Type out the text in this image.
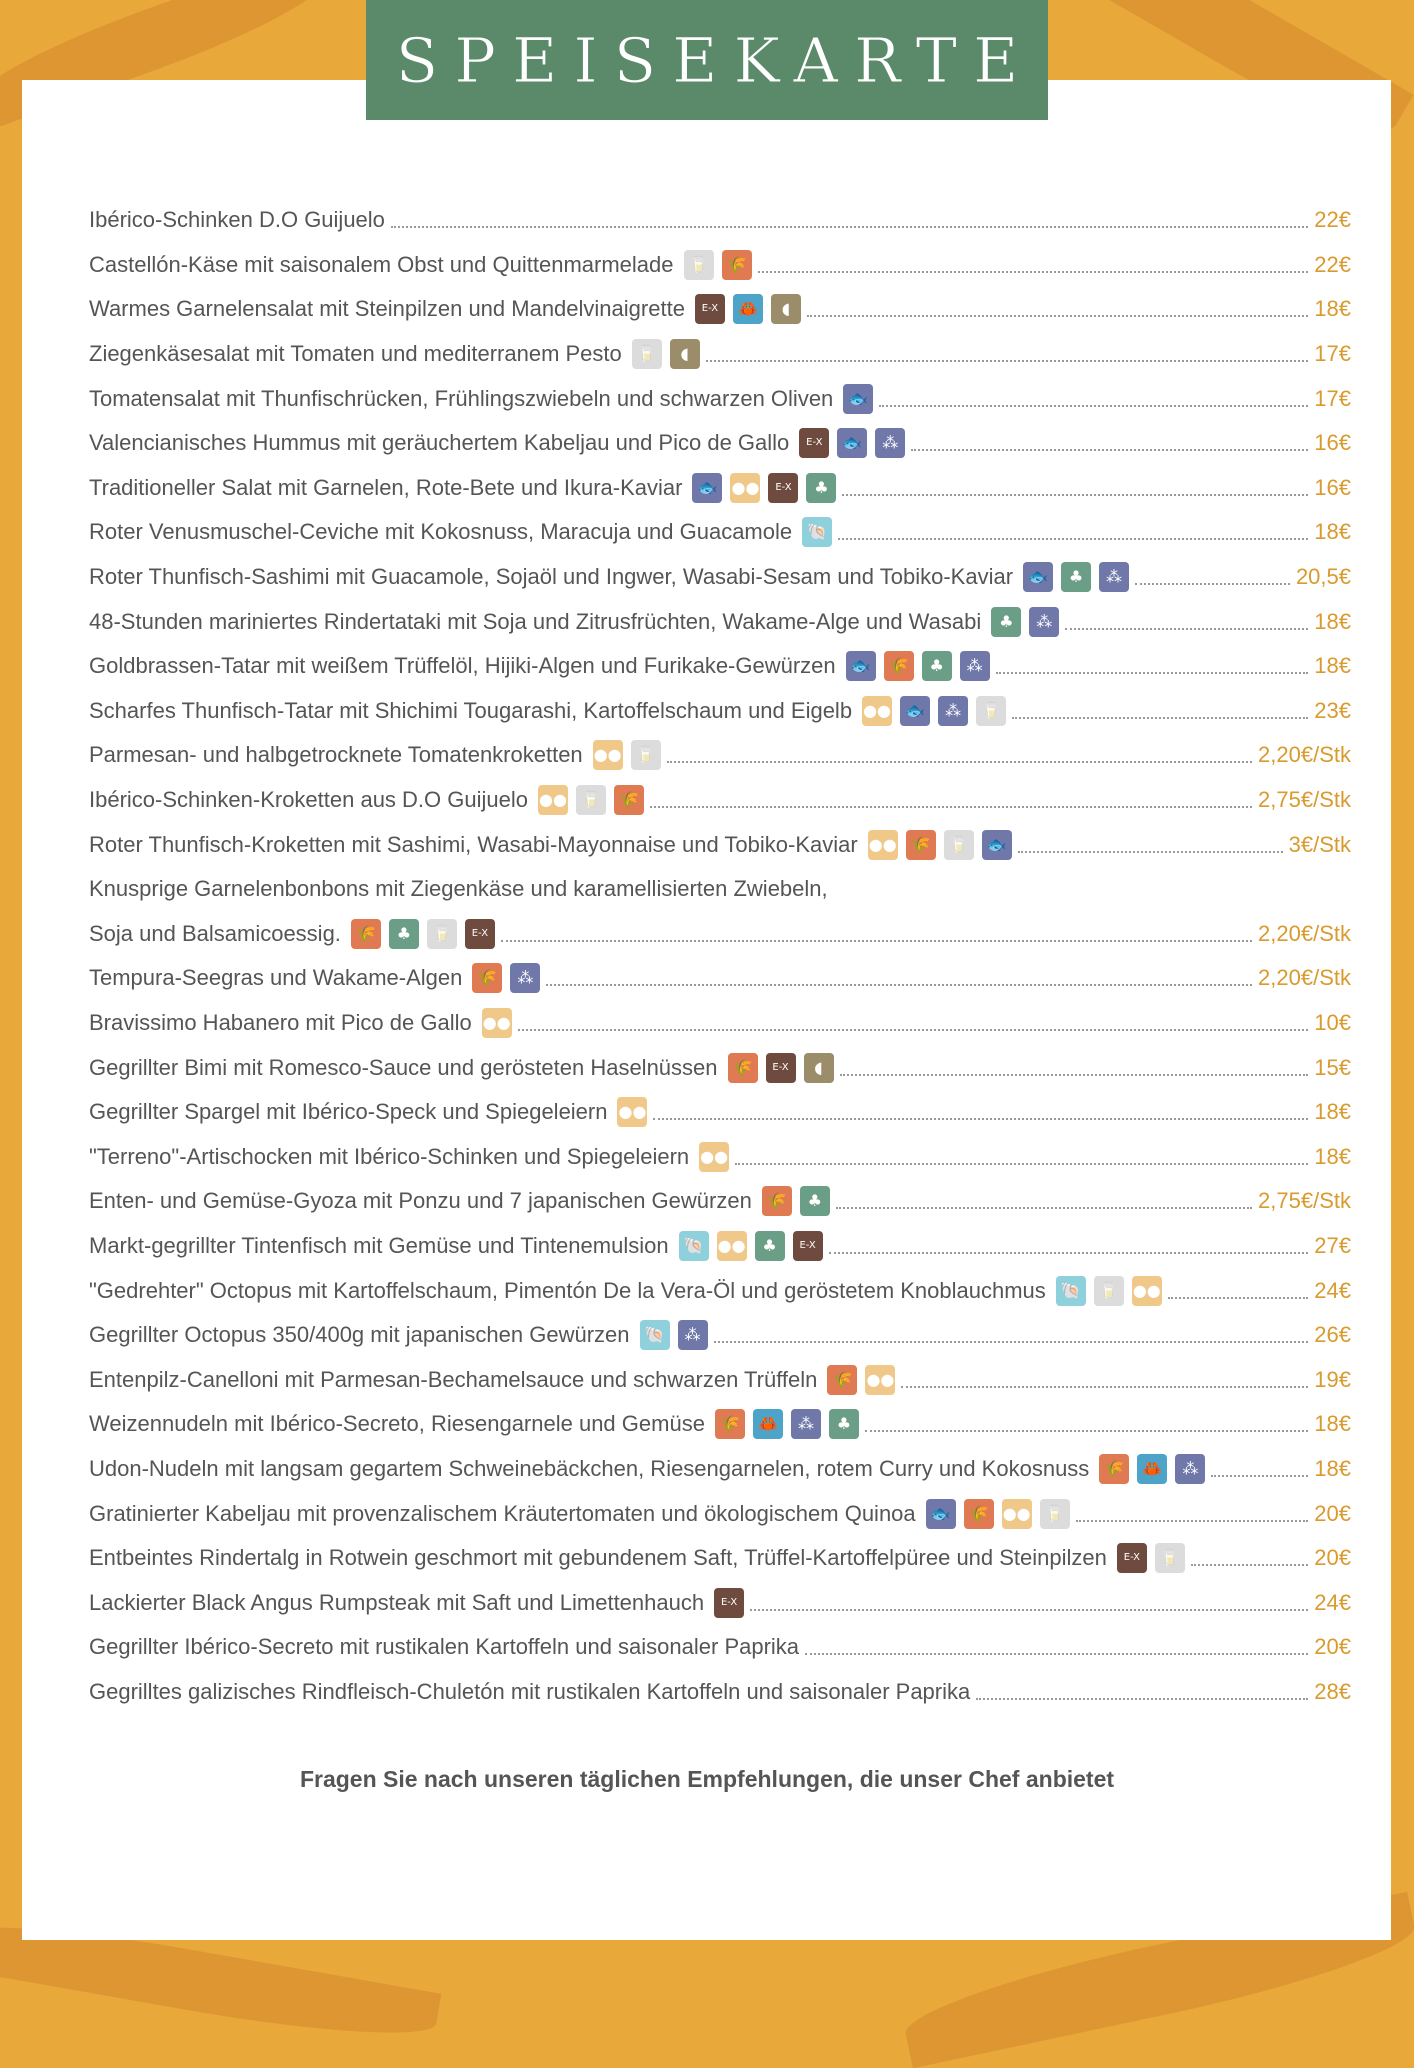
SPEISEKARTE
Ibérico-Schinken D.O Guijuelo	22€
Castellón-Käse mit saisonalem Obst und Quittenmarmelade 🥛	🌾	22€
Warmes Garnelensalat mit Steinpilzen und Mandelvinaigrette	E-X	🦀	◖	18€
Ziegenkäsesalat mit Tomaten und mediterranem Pesto 🥛	◖	17€
Tomatensalat mit Thunfischrücken, Frühlingszwiebeln und schwarzen Oliven 🐟	17€
Valencianisches Hummus mit geräuchertem Kabeljau und Pico de Gallo	E-X	🐟	⁂	16€
Traditioneller Salat mit Garnelen, Rote-Bete und Ikura-Kaviar 🐟 ●●	E-X	♣	16€
Roter Venusmuschel-Ceviche mit Kokosnuss, Maracuja und Guacamole 🐚	18€
Roter Thunfisch-Sashimi mit Guacamole, Sojaöl und Ingwer, Wasabi-Sesam und Tobiko-Kaviar 🐟	♣	⁂	20,5€
48-Stunden mariniertes Rindertataki mit Soja und Zitrusfrüchten, Wakame-Alge und Wasabi	♣	⁂	18€
Goldbrassen-Tatar mit weißem Trüffelöl, Hijiki-Algen und Furikake-Gewürzen 🐟	🌾	♣	⁂	18€
Scharfes Thunfisch-Tatar mit Shichimi Tougarashi, Kartoffelschaum und Eigelb ●● 🐟	⁂	🥛	23€
Parmesan- und halbgetrocknete Tomatenkroketten ●● 🥛	2,20€/Stk
Ibérico-Schinken-Kroketten aus D.O Guijuelo ●● 🥛	🌾	2,75€/Stk
Roter Thunfisch-Kroketten mit Sashimi, Wasabi-Mayonnaise und Tobiko-Kaviar ●● 🌾	🥛	🐟	3€/Stk
Knusprige Garnelenbonbons mit Ziegenkäse und karamellisierten Zwiebeln,
Soja und Balsamicoessig. 🌾	♣	🥛	E-X	2,20€/Stk
Tempura-Seegras und Wakame-Algen 🌾	⁂	2,20€/Stk
Bravissimo Habanero mit Pico de Gallo ●●	10€
Gegrillter Bimi mit Romesco-Sauce und gerösteten Haselnüssen 🌾	E-X	◖	15€
Gegrillter Spargel mit Ibérico-Speck und Spiegeleiern ●●	18€
"Terreno"-Artischocken mit Ibérico-Schinken und Spiegeleiern ●●	18€
Enten- und Gemüse-Gyoza mit Ponzu und 7 japanischen Gewürzen 🌾	♣	2,75€/Stk
Markt-gegrillter Tintenfisch mit Gemüse und Tintenemulsion 🐚 ●●	♣	E-X	27€
"Gedrehter" Octopus mit Kartoffelschaum, Pimentón De la Vera-Öl und geröstetem Knoblauchmus 🐚	🥛 ●●	24€
Gegrillter Octopus 350/400g mit japanischen Gewürzen 🐚	⁂	26€
Entenpilz-Canelloni mit Parmesan-Bechamelsauce und schwarzen Trüffeln 🌾 ●●	19€
Weizennudeln mit Ibérico-Secreto, Riesengarnele und Gemüse 🌾	🦀	⁂	♣	18€
Udon-Nudeln mit langsam gegartem Schweinebäckchen, Riesengarnelen, rotem Curry und Kokosnuss 🌾	🦀	⁂	18€
Gratinierter Kabeljau mit provenzalischem Kräutertomaten und ökologischem Quinoa 🐟	🌾 ●● 🥛	20€
Entbeintes Rindertalg in Rotwein geschmort mit gebundenem Saft, Trüffel-Kartoffelpüree und Steinpilzen	E-X	🥛	20€
Lackierter Black Angus Rumpsteak mit Saft und Limettenhauch	E-X	24€
Gegrillter Ibérico-Secreto mit rustikalen Kartoffeln und saisonaler Paprika	20€
Gegrilltes galizisches Rindfleisch-Chuletón mit rustikalen Kartoffeln und saisonaler Paprika	28€
Fragen Sie nach unseren täglichen Empfehlungen, die unser Chef anbietet
